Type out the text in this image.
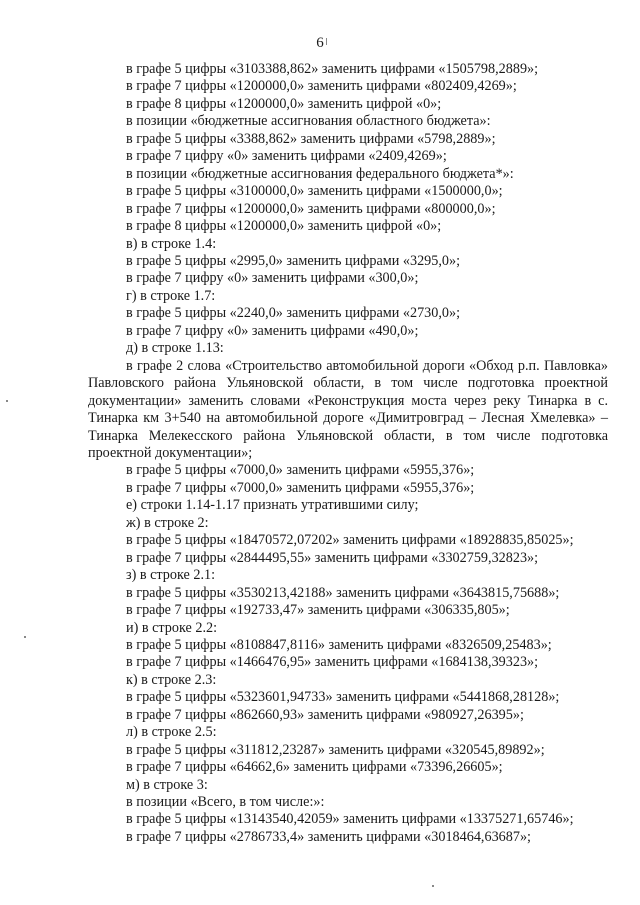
6
в графе 5 цифры «3103388,862» заменить цифрами «1505798,2889»;
в графе 7 цифры «1200000,0» заменить цифрами «802409,4269»;
в графе 8 цифры «1200000,0» заменить цифрой «0»;
в позиции «бюджетные ассигнования областного бюджета»:
в графе 5 цифры «3388,862» заменить цифрами «5798,2889»;
в графе 7 цифру «0» заменить цифрами «2409,4269»;
в позиции «бюджетные ассигнования федерального бюджета*»:
в графе 5 цифры «3100000,0» заменить цифрами «1500000,0»;
в графе 7 цифры «1200000,0» заменить цифрами «800000,0»;
в графе 8 цифры «1200000,0» заменить цифрой «0»;
в) в строке 1.4:
в графе 5 цифры «2995,0» заменить цифрами «3295,0»;
в графе 7 цифру «0» заменить цифрами «300,0»;
г) в строке 1.7:
в графе 5 цифры «2240,0» заменить цифрами «2730,0»;
в графе 7 цифру «0» заменить цифрами «490,0»;
д) в строке 1.13:
в графе 2 слова «Строительство автомобильной дороги «Обход р.п. Павловка» Павловского района Ульяновской области, в том числе подготовка проектной документации» заменить словами «Реконструкция моста через реку Тинарка в с. Тинарка км 3+540 на автомобильной дороге «Димитровград – Лесная Хмелевка» – Тинарка Мелекесского района Ульяновской области, в том числе подготовка проектной документации»;
в графе 5 цифры «7000,0» заменить цифрами «5955,376»;
в графе 7 цифры «7000,0» заменить цифрами «5955,376»;
е) строки 1.14-1.17 признать утратившими силу;
ж) в строке 2:
в графе 5 цифры «18470572,07202» заменить цифрами «18928835,85025»;
в графе 7 цифры «2844495,55» заменить цифрами «3302759,32823»;
з) в строке 2.1:
в графе 5 цифры «3530213,42188» заменить цифрами «3643815,75688»;
в графе 7 цифры «192733,47» заменить цифрами «306335,805»;
и) в строке 2.2:
в графе 5 цифры «8108847,8116» заменить цифрами «8326509,25483»;
в графе 7 цифры «1466476,95» заменить цифрами «1684138,39323»;
к) в строке 2.3:
в графе 5 цифры «5323601,94733» заменить цифрами «5441868,28128»;
в графе 7 цифры «862660,93» заменить цифрами «980927,26395»;
л) в строке 2.5:
в графе 5 цифры «311812,23287» заменить цифрами «320545,89892»;
в графе 7 цифры «64662,6» заменить цифрами «73396,26605»;
м) в строке 3:
в позиции «Всего, в том числе:»:
в графе 5 цифры «13143540,42059» заменить цифрами «13375271,65746»;
в графе 7 цифры «2786733,4» заменить цифрами «3018464,63687»;
